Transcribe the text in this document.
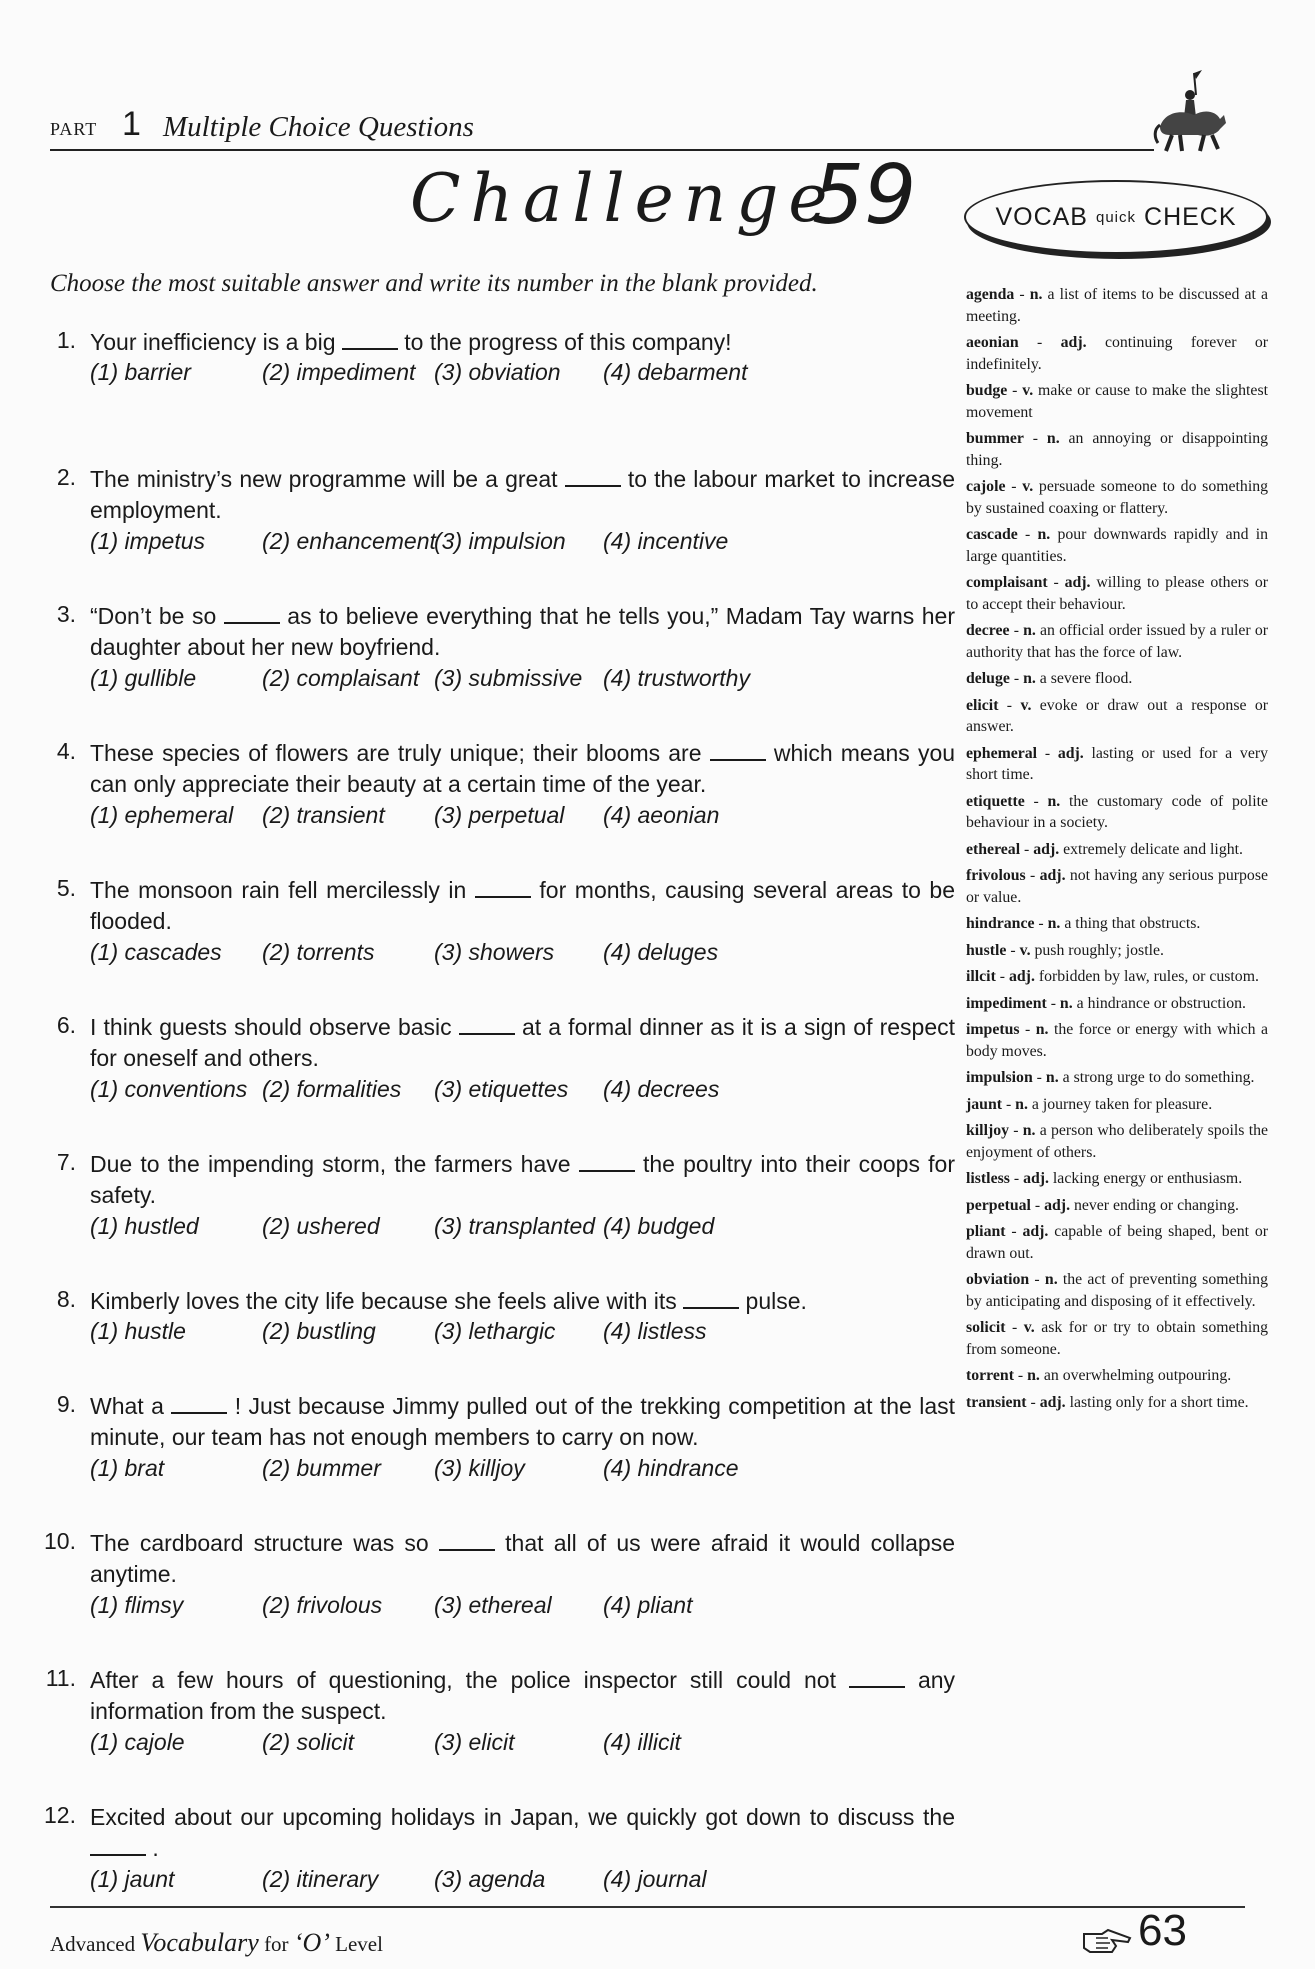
PART 1 Multiple Choice Questions
Challenge
59	VOCAB quick CHECK
Choose the most suitable answer and write its number in the blank provided.
1. Your inefficiency is a big	to the progress of this company!
(1) barrier	(2) impediment (3) obviation (4) debarment
2. The ministry’s new programme will be a great	to the labour market to increase employment.
(1) impetus (2) enhancement
(3) impulsion (4) incentive
3. “Don’t be so	as to believe everything that he tells you,” Madam Tay warns her daughter about her new boyfriend.
(1) gullible	(2) complaisant (3) submissive (4) trustworthy
4. These species of flowers are truly unique; their blooms are	which means you can only appreciate their beauty at a certain time of the year.
(1) ephemeral (2) transient (3) perpetual (4) aeonian
5. The monsoon rain fell mercilessly in	for months, causing several areas to be flooded.
(1) cascades (2) torrents	(3) showers (4) deluges
6. I think guests should observe basic	at a formal dinner as it is a sign of respect for oneself and others.
(1) conventions (2) formalities (3) etiquettes (4) decrees
7. Due to the impending storm, the farmers have	the poultry into their coops for safety.
(1) hustled	(2) ushered (3) transplanted (4) budged
8. Kimberly loves the city life because she feels alive with its	pulse.
(1) hustle	(2) bustling	(3) lethargic (4) listless
9. What a	! Just because Jimmy pulled out of the trekking competition at the last minute, our team has not enough members to carry on now.
(1) brat	(2) bummer (3) killjoy	(4) hindrance
10. The cardboard structure was so	that all of us were afraid it would collapse anytime.
(1) flimsy	(2) frivolous (3) ethereal (4) pliant
11. After a few hours of questioning, the police inspector still could not	any information from the suspect.
(1) cajole	(2) solicit	(3) elicit	(4) illicit
12. Excited about our upcoming holidays in Japan, we quickly got down to discuss the  .
(1) jaunt	(2) itinerary (3) agenda	(4) journal
agenda - n. a list of items to be discussed at a meeting.
aeonian - adj. continuing forever or indefinitely.
budge - v. make or cause to make the slightest movement
bummer - n. an annoying or disappointing thing.
cajole - v. persuade someone to do something by sustained coaxing or flattery.
cascade - n. pour downwards rapidly and in large quantities.
complaisant - adj. willing to please others or to accept their behaviour.
decree - n. an official order issued by a ruler or authority that has the force of law.
deluge - n. a severe flood.
elicit - v. evoke or draw out a response or answer.
ephemeral - adj. lasting or used for a very short time.
etiquette - n. the customary code of polite behaviour in a society.
ethereal - adj. extremely delicate and light.
frivolous - adj. not having any serious purpose or value.
hindrance - n. a thing that obstructs.
hustle - v. push roughly; jostle.
illcit - adj. forbidden by law, rules, or custom.
impediment - n. a hindrance or obstruction.
impetus - n. the force or energy with which a body moves.
impulsion - n. a strong urge to do something.
jaunt - n. a journey taken for pleasure.
killjoy - n. a person who deliberately spoils the enjoyment of others.
listless - adj. lacking energy or enthusiasm.
perpetual - adj. never ending or changing.
pliant - adj. capable of being shaped, bent or drawn out.
obviation - n. the act of preventing something by anticipating and disposing of it effectively.
solicit - v. ask for or try to obtain something from someone.
torrent - n. an overwhelming outpouring.
transient - adj. lasting only for a short time.
Advanced Vocabulary for ‘O’ Level	63
